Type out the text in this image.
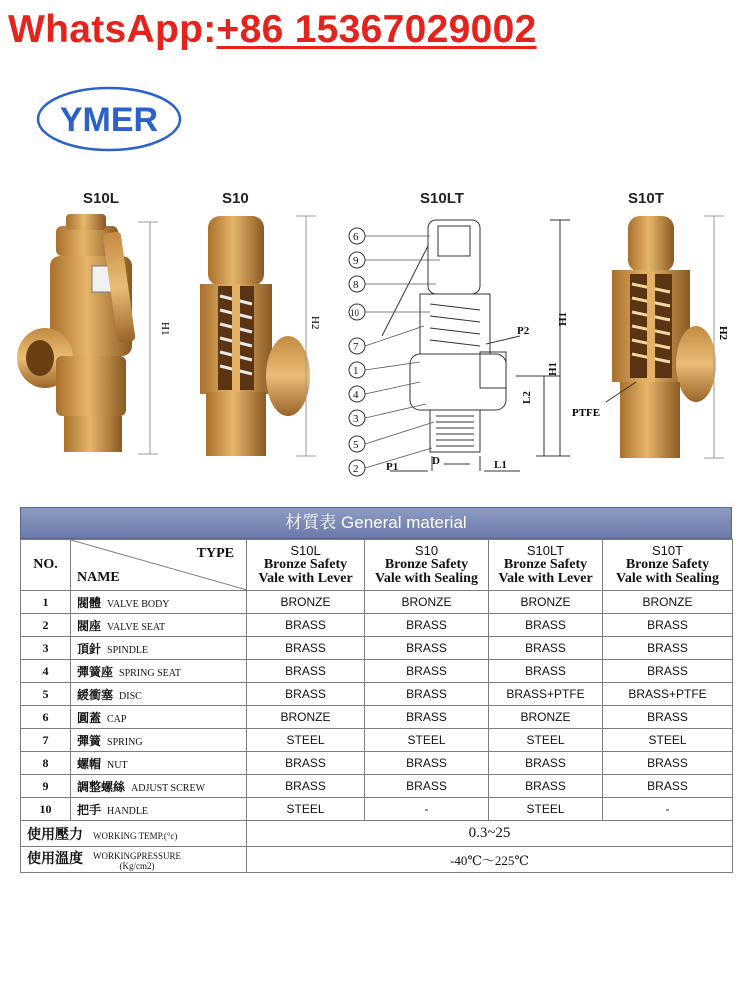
WhatsApp:+86 15367029002
YMER
S10L	S10	S10LT	S10T
H1	H2
6
9
8
10
7
1
4
3
5
2
P2
P1	D	L1
L2
H1
H1
H2
PTFE
材質表 General material
NO.	TYPE
NAME	S10L
Bronze Safety
Vale with Lever	S10
Bronze Safety
Vale with Sealing	S10LT
Bronze Safety
Vale with Lever	S10T
Bronze Safety
Vale with Sealing

1	閥體 VALVE BODY	BRONZE	BRONZE	BRONZE	BRONZE
2	閥座 VALVE SEAT	BRASS	BRASS	BRASS	BRASS
3	頂針 SPINDLE	BRASS	BRASS	BRASS	BRASS
4	彈簧座 SPRING SEAT	BRASS	BRASS	BRASS	BRASS
5	緩衝塞 DISC	BRASS	BRASS	BRASS+PTFE	BRASS+PTFE
6	圓蓋 CAP	BRONZE	BRASS	BRONZE	BRASS
7	彈簧 SPRING	STEEL	STEEL	STEEL	STEEL
8	螺帽 NUT	BRASS	BRASS	BRASS	BRASS
9	調整螺絲 ADJUST SCREW	BRASS	BRASS	BRASS	BRASS
10	把手 HANDLE	STEEL	-	STEEL	-
使用壓力 WORKING TEMP.(°c)		0.3~25			
使用溫度 WORKINGPRESSURE
(Kg/cm2)		-40℃～225℃			
